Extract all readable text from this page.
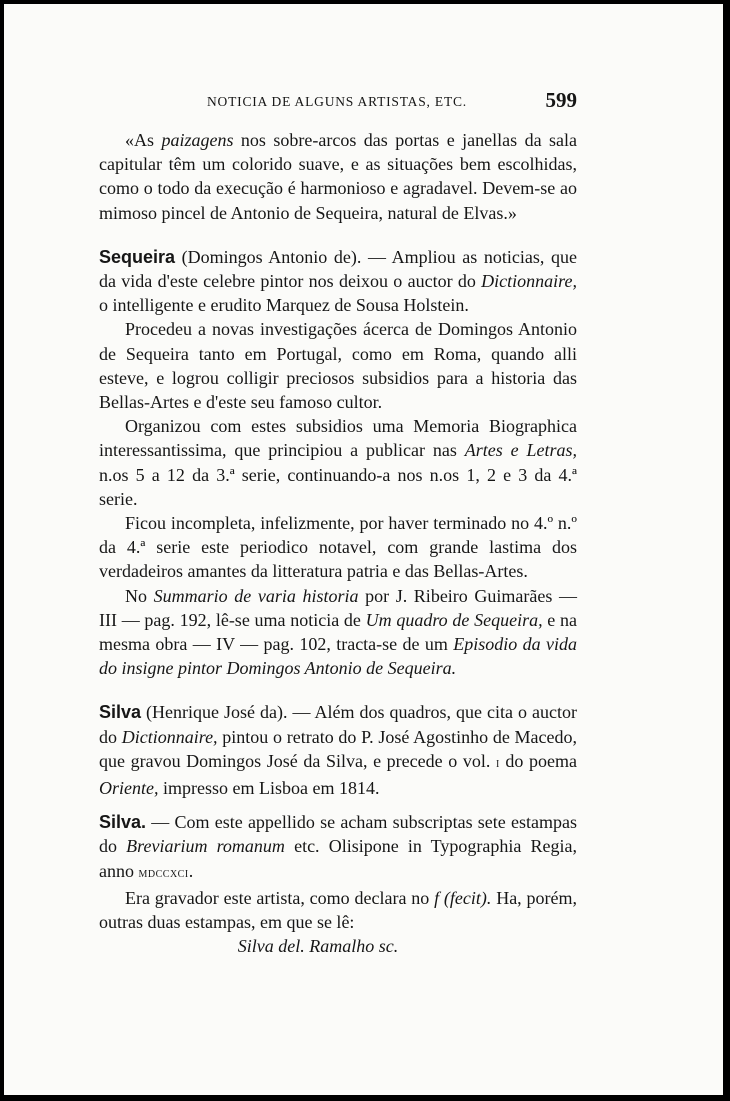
NOTICIA DE ALGUNS ARTISTAS, ETC.	599

«As paizagens nos sobre-arcos das portas e janellas da sala capitular têm um colorido suave, e as situações bem escolhidas, como o todo da execução é harmonioso e agradavel. Devem-se ao mimoso pincel de Antonio de Sequeira, natural de Elvas.»

Sequeira (Domingos Antonio de). — Ampliou as noticias, que da vida d'este celebre pintor nos deixou o auctor do Dictionnaire, o intelligente e erudito Marquez de Sousa Holstein.

Procedeu a novas investigações ácerca de Domingos Antonio de Sequeira tanto em Portugal, como em Roma, quando alli esteve, e logrou colligir preciosos subsidios para a historia das Bellas-Artes e d'este seu famoso cultor.

Organizou com estes subsidios uma Memoria Biographica interessantissima, que principiou a publicar nas Artes e Letras, n.os 5 a 12 da 3.ª serie, continuando-a nos n.os 1, 2 e 3 da 4.ª serie.

Ficou incompleta, infelizmente, por haver terminado no 4.º n.º da 4.ª serie este periodico notavel, com grande lastima dos verdadeiros amantes da litteratura patria e das Bellas-Artes.

No Summario de varia historia por J. Ribeiro Guimarães — III — pag. 192, lê-se uma noticia de Um quadro de Sequeira, e na mesma obra — IV — pag. 102, tracta-se de um Episodio da vida do insigne pintor Domingos Antonio de Sequeira.

Silva (Henrique José da). — Além dos quadros, que cita o auctor do Dictionnaire, pintou o retrato do P. José Agostinho de Macedo, que gravou Domingos José da Silva, e precede o vol. i do poema Oriente, impresso em Lisboa em 1814.

Silva. — Com este appellido se acham subscriptas sete estampas do Breviarium romanum etc. Olisipone in Typographia Regia, anno mdccxci.

Era gravador este artista, como declara no f (fecit). Ha, porém, outras duas estampas, em que se lê:

Silva del. Ramalho sc.
